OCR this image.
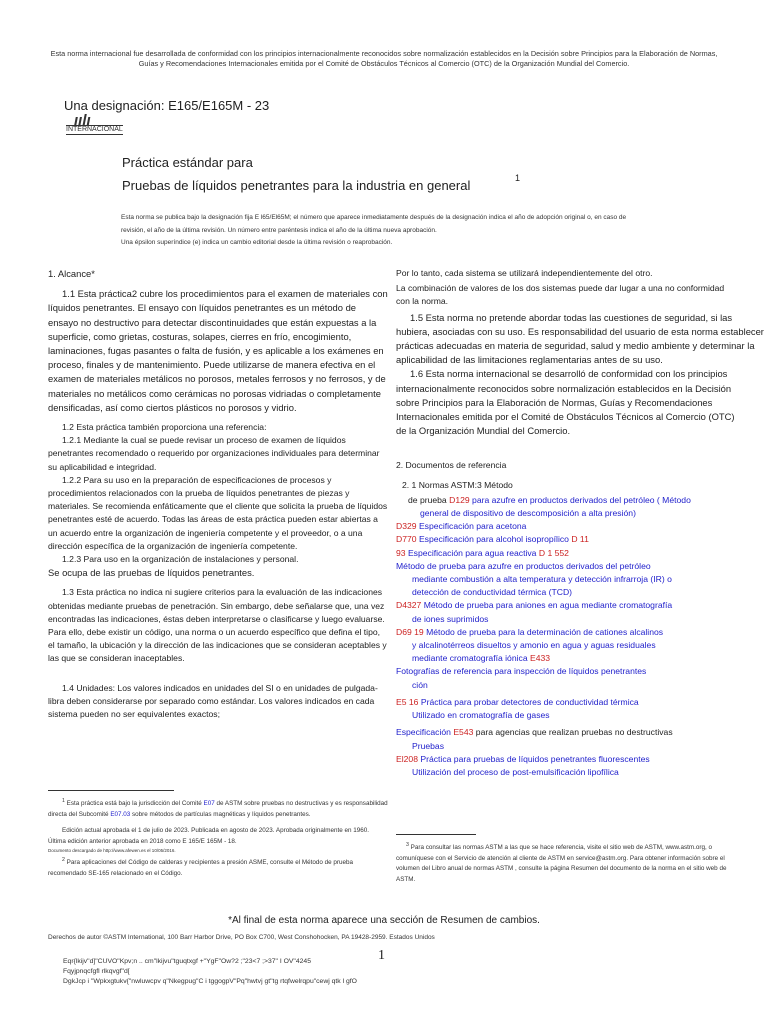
Esta norma internacional fue desarrollada de conformidad con los principios internacionalmente reconocidos sobre normalización establecidos en la Decisión sobre Principios para la Elaboración de Normas, Guías y Recomendaciones Internacionales emitida por el Comité de Obstáculos Técnicos al Comercio (OTC) de la Organización Mundial del Comercio.
Una designación: E165/E165M - 23
ıılı
INTERNACIONAL
Práctica estándar para
Pruebas de líquidos penetrantes para la industria en general	1
Esta norma se publica bajo la designación fija E l65/El65M; el número que aparece inmediatamente después de la designación indica el año de adopción original o, en caso de
revisión, el año de la última revisión. Un número entre paréntesis indica el año de la última nueva aprobación.
Una épsilon superíndice (e) indica un cambio editorial desde la última revisión o reaprobación.

1. Alcance*

1.1 Esta práctica2 cubre los procedimientos para el examen de materiales con líquidos penetrantes. El ensayo con líquidos penetrantes es un método de ensayo no destructivo para detectar discontinuidades que están expuestas a la superficie, como grietas, costuras, solapes, cierres en frío, encogimiento, laminaciones, fugas pasantes o falta de fusión, y es aplicable a los exámenes en proceso, finales y de mantenimiento. Puede utilizarse de manera efectiva en el examen de materiales metálicos no porosos, metales ferrosos y no ferrosos, y de materiales no metálicos como cerámicas no porosas vidriadas o completamente densificadas, así como ciertos plásticos no porosos y vidrio.

1.2 Esta práctica también proporciona una referencia:

1.2.1 Mediante la cual se puede revisar un proceso de examen de líquidos penetrantes recomendado o requerido por organizaciones individuales para determinar su aplicabilidad e integridad.

1.2.2 Para su uso en la preparación de especificaciones de procesos y procedimientos relacionados con la prueba de líquidos penetrantes de piezas y materiales. Se recomienda enfáticamente que el cliente que solicita la prueba de líquidos penetrantes esté de acuerdo. Todas las áreas de esta práctica pueden estar abiertas a un acuerdo entre la organización de ingeniería competente y el proveedor, o a una dirección específica de la organización de ingeniería competente.

1.2.3 Para uso en la organización de instalaciones y personal.

Se ocupa de las pruebas de líquidos penetrantes.

1.3 Esta práctica no indica ni sugiere criterios para la evaluación de las indicaciones obtenidas mediante pruebas de penetración. Sin embargo, debe señalarse que, una vez encontradas las indicaciones, éstas deben interpretarse o clasificarse y luego evaluarse. Para ello, debe existir un código, una norma o un acuerdo específico que defina el tipo, el tamaño, la ubicación y la dirección de las indicaciones que se consideran aceptables y las que se consideran inaceptables.

1.4 Unidades: Los valores indicados en unidades del SI o en unidades de pulgada-libra deben considerarse por separado como estándar. Los valores indicados en cada sistema pueden no ser equivalentes exactos;

$^1$ Esta práctica está bajo la jurisdicción del Comité E07 de ASTM sobre pruebas no destructivas y es responsabilidad directa del Subcomité E07.03 sobre métodos de partículas magnéticas y líquidos penetrantes.
Edición actual aprobada el 1 de julio de 2023. Publicada en agosto de 2023. Aprobada originalmente en 1960. Última edición anterior aprobada en 2018 como E 165/E 165M - 18.
Documento descargado de http://www.afewen.es el 10/05/2016.
$^2$ Para aplicaciones del Código de calderas y recipientes a presión ASME, consulte el Método de prueba recomendado SE-165 relacionado en el Código.

Por lo tanto, cada sistema se utilizará independientemente del otro.

La combinación de valores de los dos sistemas puede dar lugar a una no conformidad con la norma.

1.5 Esta norma no pretende abordar todas las cuestiones de seguridad, si las hubiera, asociadas con su uso. Es responsabilidad del usuario de esta norma establecer prácticas adecuadas en materia de seguridad, salud y medio ambiente y determinar la aplicabilidad de las limitaciones reglamentarias antes de su uso.

1.6 Esta norma internacional se desarrolló de conformidad con los principios internacionalmente reconocidos sobre normalización establecidos en la Decisión sobre Principios para la Elaboración de Normas, Guías y Recomendaciones Internacionales emitida por el Comité de Obstáculos Técnicos al Comercio (OTC) de la Organización Mundial del Comercio.

2. Documentos de referencia

2. 1 Normas ASTM:3 Método

de prueba D129 para azufre en productos derivados del petróleo ( Método

general de dispositivo de descomposición a alta presión)

D329 Especificación para acetona

D770 Especificación para alcohol isopropílico D 11

93 Especificación para agua reactiva D 1 552

Método de prueba para azufre en productos derivados del petróleo

mediante combustión a alta temperatura y detección infrarroja (IR) o

detección de conductividad térmica (TCD)

D4327 Método de prueba para aniones en agua mediante cromatografía

de iones suprimidos

D69 19 Método de prueba para la determinación de cationes alcalinos

y alcalinotérreos disueltos y amonio en agua y aguas residuales

mediante cromatografía iónica E433

Fotografías de referencia para inspección de líquidos penetrantes

ción

E5 16 Práctica para probar detectores de conductividad térmica

Utilizado en cromatografía de gases

Especificación E543 para agencias que realizan pruebas no destructivas

Pruebas

El208 Práctica para pruebas de líquidos penetrantes fluorescentes

Utilización del proceso de post-emulsificación lipofílica

$^3$ Para consultar las normas ASTM a las que se hace referencia, visite el sitio web de ASTM, www.astm.org, o comuníquese con el Servicio de atención al cliente de ASTM en service@astm.org. Para obtener información sobre el volumen del Libro anual de normas ASTM , consulte la página Resumen del documento de la norma en el sitio web de ASTM.
*Al final de esta norma aparece una sección de Resumen de cambios.
Derechos de autor ©ASTM International, 100 Barr Harbor Drive, PO Box C700, West Conshohocken, PA 19428-2959. Estados Unidos
1
Eqr{lkijv"d]"CUVO"Kpv;n .. cm"lkijvu"tguqtxgf +"YgF"Ow?2 ;"23<7 ;>37" I OV"4245
Fqyjpnqcfgfl rlkqvgf"d[
DgkJcp i "Wpkxgtukv{"nwluwcpv q"Nkegpug"C i tggogpV"Pq"hwtvj gt"tg rtqfwelrqpu"cewj qtk l gfO
